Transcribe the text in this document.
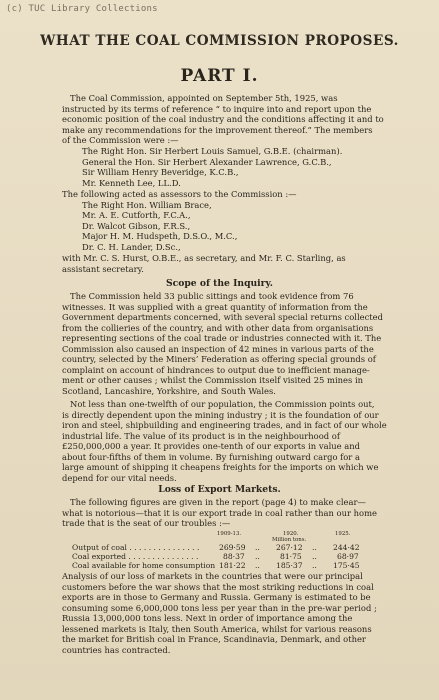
(c) TUC Library Collections
WHAT THE COAL COMMISSION PROPOSES.
PART I.
The Coal Commission, appointed on September 5th, 1925, was
instructed by its terms of reference “ to inquire into and report upon the
economic position of the coal industry and the conditions affecting it and to
make any recommendations for the improvement thereof.” The members
of the Commission were :—
The Right Hon. Sir Herbert Louis Samuel, G.B.E. (chairman).
General the Hon. Sir Herbert Alexander Lawrence, G.C.B.,
Sir William Henry Beveridge, K.C.B.,
Mr. Kenneth Lee, LL.D.
The following acted as assessors to the Commission :—
The Right Hon. William Brace,
Mr. A. E. Cutforth, F.C.A.,
Dr. Walcot Gibson, F.R.S.,
Major H. M. Hudspeth, D.S.O., M.C.,
Dr. C. H. Lander, D.Sc.,
with Mr. C. S. Hurst, O.B.E., as secretary, and Mr. F. C. Starling, as
assistant secretary.
Scope of the Inquiry.
The Commission held 33 public sittings and took evidence from 76
witnesses. It was supplied with a great quantity of information from the
Government departments concerned, with several special returns collected
from the collieries of the country, and with other data from organisations
representing sections of the coal trade or industries connected with it. The
Commission also caused an inspection of 42 mines in various parts of the
country, selected by the Miners’ Federation as offering special grounds of
complaint on account of hindrances to output due to inefficient manage-
ment or other causes ; whilst the Commission itself visited 25 mines in
Scotland, Lancashire, Yorkshire, and South Wales.
Not less than one-twelfth of our population, the Commission points out,
is directly dependent upon the mining industry ; it is the foundation of our
iron and steel, shipbuilding and engineering trades, and in fact of our whole
industrial life. The value of its product is in the neighbourhood of
£250,000,000 a year. It provides one-tenth of our exports in value and
about four-fifths of them in volume. By furnishing outward cargo for a
large amount of shipping it cheapens freights for the imports on which we
depend for our vital needs.
Loss of Export Markets.
The following figures are given in the report (page 4) to make clear—
what is notorious—that it is our export trade in coal rather than our home
trade that is the seat of our troubles :—
1909-13.	1920.	1925.
Million tons.
Output of coal . . . . . . . . . . . . . . .	269·59 .. 267·12 .. 244·42
Coal exported . . . . . . . . . . . . . . .	88·37 ..	81·75 ..	68·97
Coal available for home consumption 181·22 .. 185·37 .. 175·45
Analysis of our loss of markets in the countries that were our principal
customers before the war shows that the most striking reductions in coal
exports are in those to Germany and Russia. Germany is estimated to be
consuming some 6,000,000 tons less per year than in the pre-war period ;
Russia 13,000,000 tons less. Next in order of importance among the
lessened markets is Italy, then South America, whilst for various reasons
the market for British coal in France, Scandinavia, Denmark, and other
countries has contracted.
